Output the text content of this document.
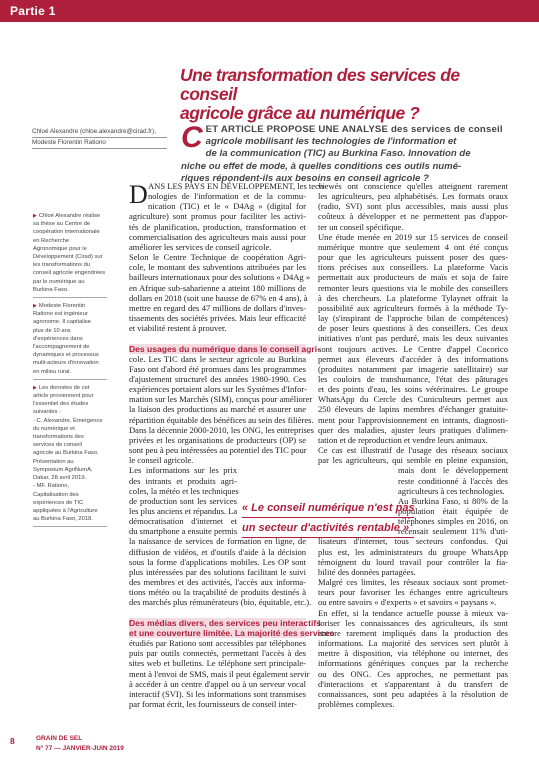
Partie 1
Une transformation des services de conseil
agricole grâce au numérique ?
Chloé Alexandre (chloe.alexandre@cirad.fr),
Modeste Florentin Rationo	C ET ARTICLE PROPOSE UNE ANALYSE des services de conseil
agricole mobilisant les technologies de l'information et
de la communication (TIC) au Burkina Faso. Innovation de
niche ou effet de mode, à quelles conditions ces outils numé-
riques répondent-ils aux besoins en conseil agricole ?
▶ Chloé Alexandre réalise
sa thèse au Centre de
coopération internationale
en Recherche
Agronomique pour le
Développement (Cirad) sur
les transformations du
conseil agricole engendrées
par le numérique au
Burkina Faso.
▶ Modeste Florentin
Rationo est ingénieur
agronome. Il capitalise
plus de 10 ans
d'expériences dans
l'accompagnement de
dynamiques et processus
multi-acteurs d'innovation
en milieu rural.
▶ Les données de cet
article proviennent pour
l'essentiel des études
suivantes :
- C. Alexandre, Émergence
du numérique et
transformations des
services de conseil
agricole au Burkina Faso.
Présentation au
Symposium AgriNumA,
Dakar, 28 avril 2019.
- MF. Rationo,
Capitalisation des
expériences de TIC
appliquées à l'Agriculture
au Burkina Faso, 2018.
D ANS LES PAYS EN DÉVELOPPEMENT, les tech-
nologies de l'information et de la commu-
nication (TIC) et le « D4Ag » (digital for
agriculture) sont promus pour faciliter les activi-
tés de planification, production, transformation et
commercialisation des agriculteurs mais aussi pour
améliorer les services de conseil agricole.
Selon le Centre Technique de coopération Agri-
cole, le montant des subventions attribuées par les
bailleurs internationaux pour des solutions « D4Ag »
en Afrique sub-saharienne a atteint 180 millions de
dollars en 2018 (soit une hausse de 67% en 4 ans), à
mettre en regard des 47 millions de dollars d'inves-
tissements des sociétés privées. Mais leur efficacité
et viabilité restent à prouver.

Des usages du numérique dans le conseil agri-
cole. Les TIC dans le secteur agricole au Burkina
Faso ont d'abord été promues dans les programmes
d'ajustement structurel des années 1980-1990. Ces
expériences portaient alors sur les Systèmes d'Infor-
mation sur les Marchés (SIM), conçus pour améliorer
la liaison des productions au marché et assurer une
répartition équitable des bénéfices au sein des filières.
Dans la décennie 2000-2010, les ONG, les entreprises
privées et les organisations de producteurs (OP) se
sont peu à peu intéressées au potentiel des TIC pour
le conseil agricole.
Les informations sur les prix
des intrants et produits agri-
coles, la météo et les techniques
de production sont les services
les plus anciens et répandus. La
démocratisation d'internet et
du smartphone a ensuite permis
la naissance de services de formation en ligne, de
diffusion de vidéos, et d'outils d'aide à la décision
sous la forme d'applications mobiles. Les OP sont
plus intéressées par des solutions facilitant le suivi
des membres et des activités, l'accès aux informa-
tions météo ou la traçabilité de produits destinés à
des marchés plus rémunérateurs (bio, équitable, etc.).

Des médias divers, des services peu interactifs
et une couverture limitée. La majorité des services
étudiés par Rationo sont accessibles par téléphones
puis par outils connectés, permettant l'accès à des
sites web et bulletins. Le téléphone sert principale-
ment à l'envoi de SMS, mais il peut également servir
à accéder à un centre d'appel ou à un serveur vocal
interactif (SVI). Si les informations sont transmises
par format écrit, les fournisseurs de conseil inter-
viewés ont conscience qu'elles atteignent rarement
les agriculteurs, peu alphabétisés. Les formats oraux
(radio, SVI) sont plus accessibles, mais aussi plus
coûteux à développer et ne permettent pas d'appor-
ter un conseil spécifique.
Une étude menée en 2019 sur 15 services de conseil
numérique montre que seulement 4 ont été conçus
pour que les agriculteurs puissent poser des ques-
tions précises aux conseillers. La plateforme Vacis
permettait aux producteurs de maïs et soja de faire
remonter leurs questions via le mobile des conseillers
à des chercheurs. La plateforme Tylaynet offrait la
possibilité aux agriculteurs formés à la méthode Ty-
lay (s'inspirant de l'approche bilan de compétences)
de poser leurs questions à des conseillers. Ces deux
initiatives n'ont pas perduré, mais les deux suivantes
sont toujours actives. Le Centre d'appel Cocorico
permet aux éleveurs d'accéder à des informations
(produites notamment par imagerie satellitaire) sur
les couloirs de transhumance, l'état des pâturages
et des points d'eau, les soins vétérinaires. Le groupe
WhatsApp du Cercle des Cuniculteurs permet aux
250 éleveurs de lapins membres d'échanger gratuite-
ment pour l'approvisionnement en intrants, diagnosti-
quer des maladies, ajuster leurs pratiques d'alimen-
tation et de reproduction et vendre leurs animaux.
Ce cas est illustratif de l'usage des réseaux sociaux
par les agriculteurs, qui semble en pleine expansion,
mais dont le développement
reste conditionné à l'accès des
agriculteurs à ces technologies.
Au Burkina Faso, si 80% de la
population était équipée de
téléphones simples en 2016, on
recensait seulement 11% d'uti-
lisateurs d'internet, tous secteurs confondus. Qui
plus est, les administrateurs du groupe WhatsApp
témoignent du lourd travail pour contrôler la fia-
bilité des données partagées.
Malgré ces limites, les réseaux sociaux sont promet-
teurs pour favoriser les échanges entre agriculteurs
ou entre savoirs « d'experts » et savoirs « paysans ».
En effet, si la tendance actuelle pousse à mieux va-
loriser les connaissances des agriculteurs, ils sont
encore rarement impliqués dans la production des
informations. La majorité des services sert plutôt à
mettre à disposition, via téléphone ou internet, des
informations génériques conçues par la recherche
ou des ONG. Ces approches, ne permettant pas
d'interactions et s'apparentant à du transfert de
connaissances, sont peu adaptées à la résolution de
problèmes complexes.
« Le conseil numérique n'est pas
un secteur d'activités rentable »
8	GRAIN DE SEL
N° 77 — JANVIER-JUIN 2019
